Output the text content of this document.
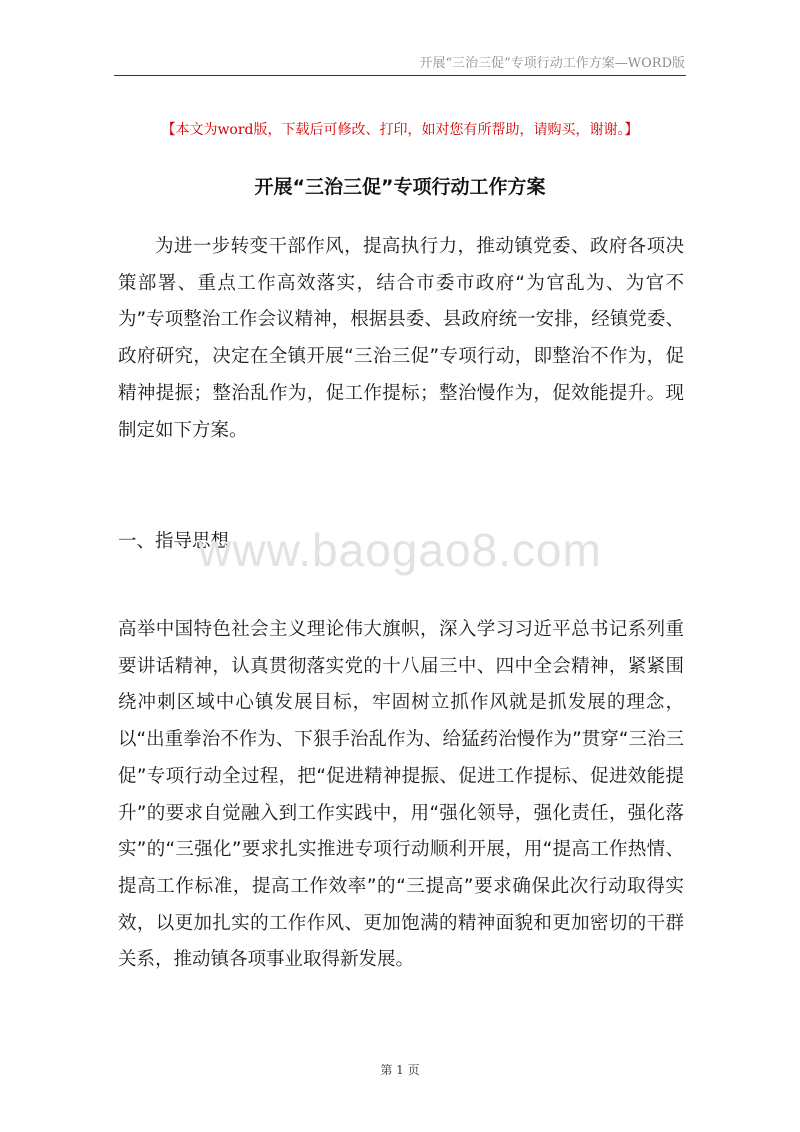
开展“三治三促”专项行动工作方案—WORD版
【本文为word版，下载后可修改、打印，如对您有所帮助，请购买，谢谢。】
开展“三治三促”专项行动工作方案
为进一步转变干部作风，提高执行力，推动镇党委、政府各项决策部署、重点工作高效落实，结合市委市政府“为官乱为、为官不为”专项整治工作会议精神，根据县委、县政府统一安排，经镇党委、政府研究，决定在全镇开展“三治三促”专项行动，即整治不作为，促精神提振；整治乱作为，促工作提标；整治慢作为，促效能提升。现制定如下方案。
一、指导思想
www.baogao8.com
高举中国特色社会主义理论伟大旗帜，深入学习习近平总书记系列重要讲话精神，认真贯彻落实党的十八届三中、四中全会精神，紧紧围绕冲刺区域中心镇发展目标，牢固树立抓作风就是抓发展的理念，以“出重拳治不作为、下狠手治乱作为、给猛药治慢作为”贯穿“三治三促”专项行动全过程，把“促进精神提振、促进工作提标、促进效能提升”的要求自觉融入到工作实践中，用“强化领导，强化责任，强化落实”的“三强化”要求扎实推进专项行动顺利开展，用“提高工作热情、提高工作标准，提高工作效率”的“三提高”要求确保此次行动取得实效，以更加扎实的工作作风、更加饱满的精神面貌和更加密切的干群关系，推动镇各项事业取得新发展。
第 1 页
